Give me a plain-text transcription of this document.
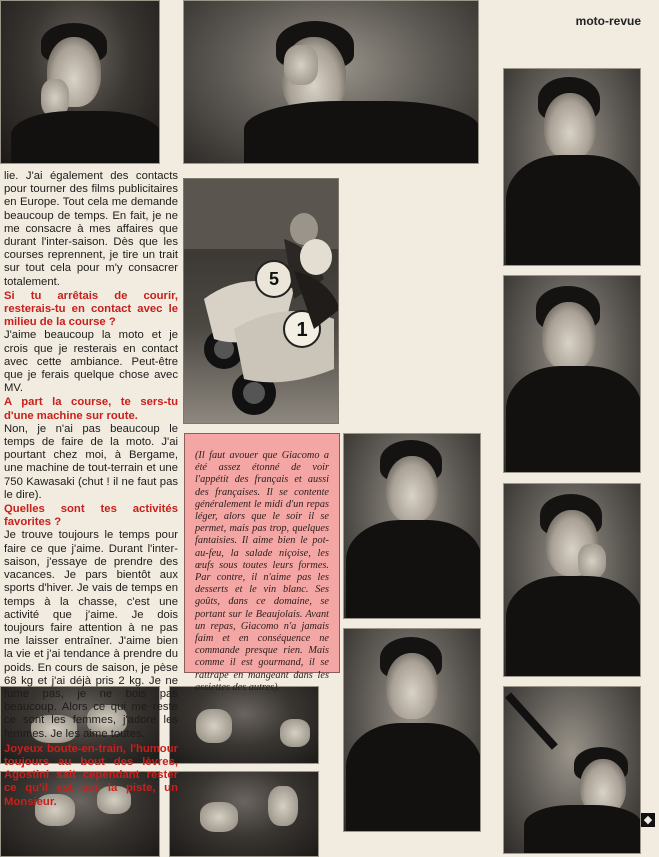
moto-revue
5
1

lie. J'ai également des contacts pour tourner des films publicitaires en Europe. Tout cela me demande beaucoup de temps. En fait, je ne me consacre à mes affaires que durant l'inter-saison. Dès que les courses reprennent, je tire un trait sur tout cela pour m'y consacrer totalement.

Si tu arrêtais de courir, resterais-tu en contact avec le milieu de la course ?

J'aime beaucoup la moto et je crois que je resterais en contact avec cette ambiance. Peut-être que je ferais quelque chose avec MV.

A part la course, te sers-tu d'une machine sur route.

Non, je n'ai pas beaucoup le temps de faire de la moto. J'ai pourtant chez moi, à Bergame, une machine de tout-terrain et une 750 Kawasaki (chut ! il ne faut pas le dire).

Quelles sont tes activités favorites ?

Je trouve toujours le temps pour faire ce que j'aime. Durant l'inter-saison, j'essaye de prendre des vacances. Je pars bientôt aux sports d'hiver. Je vais de temps en temps à la chasse, c'est une activité que j'aime. Je dois toujours faire attention à ne pas me laisser entraîner. J'aime bien la vie et j'ai tendance à prendre du poids. En cours de saison, je pèse 68 kg et j'ai déjà pris 2 kg. Je ne fume pas, je ne bois pas beaucoup. Alors ce qui me reste ce sont les femmes, j'adore les femmes. Je les aime toutes.

Joyeux boute-en-train, l'humour toujours au bout des lèvres, Agostini sait cependant rester ce qu'il est sur la piste, un Monsieur.

(Il faut avouer que Giacomo a été assez étonné de voir l'appétit des français et aussi des françaises. Il se contente généralement le midi d'un repas léger, alors que le soir il se permet, mais pas trop, quelques fantaisies. Il aime bien le pot-au-feu, la salade niçoise, les œufs sous toutes leurs formes. Par contre, il n'aime pas les desserts et le vin blanc. Ses goûts, dans ce domaine, se portant sur le Beaujolais. Avant un repas, Giacomo n'a jamais faim et en conséquence ne commande presque rien. Mais comme il est gourmand, il se rattrape en mangeant dans les assiettes des autres).
◆
